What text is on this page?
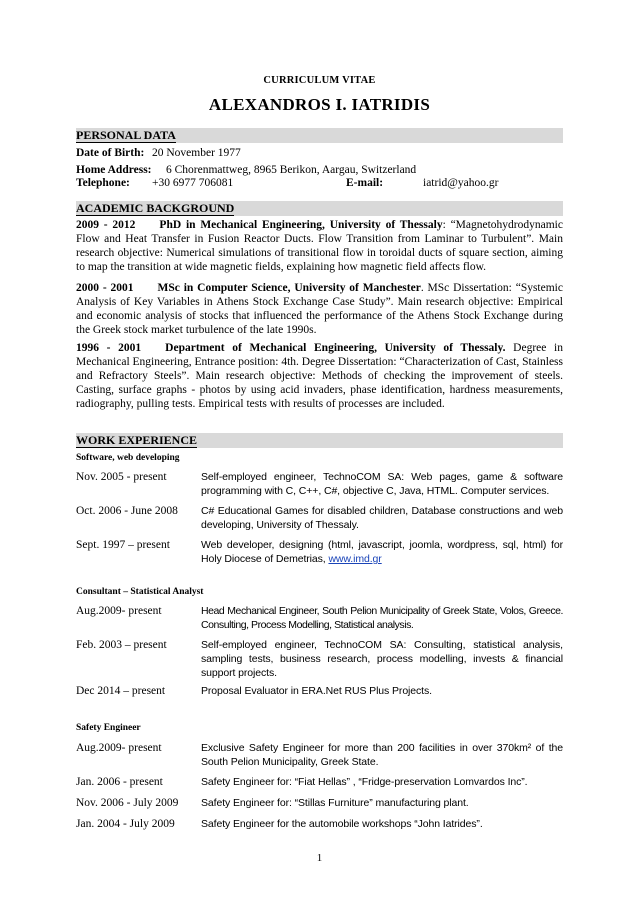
CURRICULUM VITAE
ALEXANDROS I. IATRIDIS
PERSONAL DATA
Date of Birth: 20 November 1977
Home Address: 6 Chorenmattweg, 8965 Berikon, Aargau, Switzerland
Telephone: +30 6977 706081	E-mail:	iatrid@yahoo.gr
ACADEMIC BACKGROUND
2009 - 2012 PhD in Mechanical Engineering, University of Thessaly: “Magnetohydrodynamic Flow and Heat Transfer in Fusion Reactor Ducts. Flow Transition from Laminar to Turbulent”. Main research objective: Numerical simulations of transitional flow in toroidal ducts of square section, aiming to map the transition at wide magnetic fields, explaining how magnetic field affects flow.
2000 - 2001 MSc in Computer Science, University of Manchester. MSc Dissertation: “Systemic Analysis of Key Variables in Athens Stock Exchange Case Study”. Main research objective: Empirical and economic analysis of stocks that influenced the performance of the Athens Stock Exchange during the Greek stock market turbulence of the late 1990s.
1996 - 2001 Department of Mechanical Engineering, University of Thessaly. Degree in Mechanical Engineering, Entrance position: 4th. Degree Dissertation: “Characterization of Cast, Stainless and Refractory Steels”. Main research objective: Methods of checking the improvement of steels. Casting, surface graphs - photos by using acid invaders, phase identification, hardness measurements, radiography, pulling tests. Empirical tests with results of processes are included.
WORK EXPERIENCE
Software, web developing
Nov. 2005 - present	Self-employed engineer, TechnoCOM SA: Web pages, game & software programming with C, C++, C#, objective C, Java, HTML. Computer services.
Oct. 2006 - June 2008	C# Educational Games for disabled children, Database constructions and web developing, University of Thessaly.
Sept. 1997 – present	Web developer, designing (html, javascript, joomla, wordpress, sql, html) for Holy Diocese of Demetrias, www.imd.gr
Consultant – Statistical Analyst
Aug.2009- present	Head Mechanical Engineer, South Pelion Municipality of Greek State, Volos, Greece. Consulting, Process Modelling, Statistical analysis.
Feb. 2003 – present	Self-employed engineer, TechnoCOM SA: Consulting, statistical analysis, sampling tests, business research, process modelling, invests & financial support projects.
Dec 2014 – present	Proposal Evaluator in ERA.Net RUS Plus Projects.
Safety Engineer
Aug.2009- present	Exclusive Safety Engineer for more than 200 facilities in over 370km² of the South Pelion Municipality, Greek State.
Jan. 2006 - present	Safety Engineer for: “Fiat Hellas” , “Fridge-preservation Lomvardos Inc”.
Nov. 2006 - July 2009	Safety Engineer for: “Stillas Furniture” manufacturing plant.
Jan. 2004 - July 2009	Safety Engineer for the automobile workshops “John Iatrides”.
1
